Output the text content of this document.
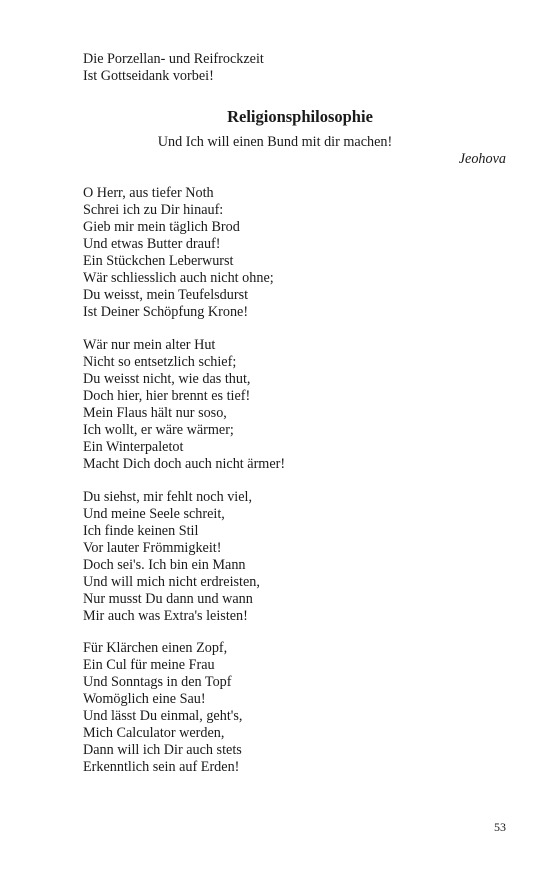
Die Porzellan- und Reifrockzeit
Ist Gottseidank vorbei!
Religionsphilosophie
Und Ich will einen Bund mit dir machen!
Jeohova
O Herr, aus tiefer Noth
Schrei ich zu Dir hinauf:
Gieb mir mein täglich Brod
Und etwas Butter drauf!
Ein Stückchen Leberwurst
Wär schliesslich auch nicht ohne;
Du weisst, mein Teufelsdurst
Ist Deiner Schöpfung Krone!
Wär nur mein alter Hut
Nicht so entsetzlich schief;
Du weisst nicht, wie das thut,
Doch hier, hier brennt es tief!
Mein Flaus hält nur soso,
Ich wollt, er wäre wärmer;
Ein Winterpaletot
Macht Dich doch auch nicht ärmer!
Du siehst, mir fehlt noch viel,
Und meine Seele schreit,
Ich finde keinen Stil
Vor lauter Frömmigkeit!
Doch sei's. Ich bin ein Mann
Und will mich nicht erdreisten,
Nur musst Du dann und wann
Mir auch was Extra's leisten!
Für Klärchen einen Zopf,
Ein Cul für meine Frau
Und Sonntags in den Topf
Womöglich eine Sau!
Und lässt Du einmal, geht's,
Mich Calculator werden,
Dann will ich Dir auch stets
Erkenntlich sein auf Erden!
53
